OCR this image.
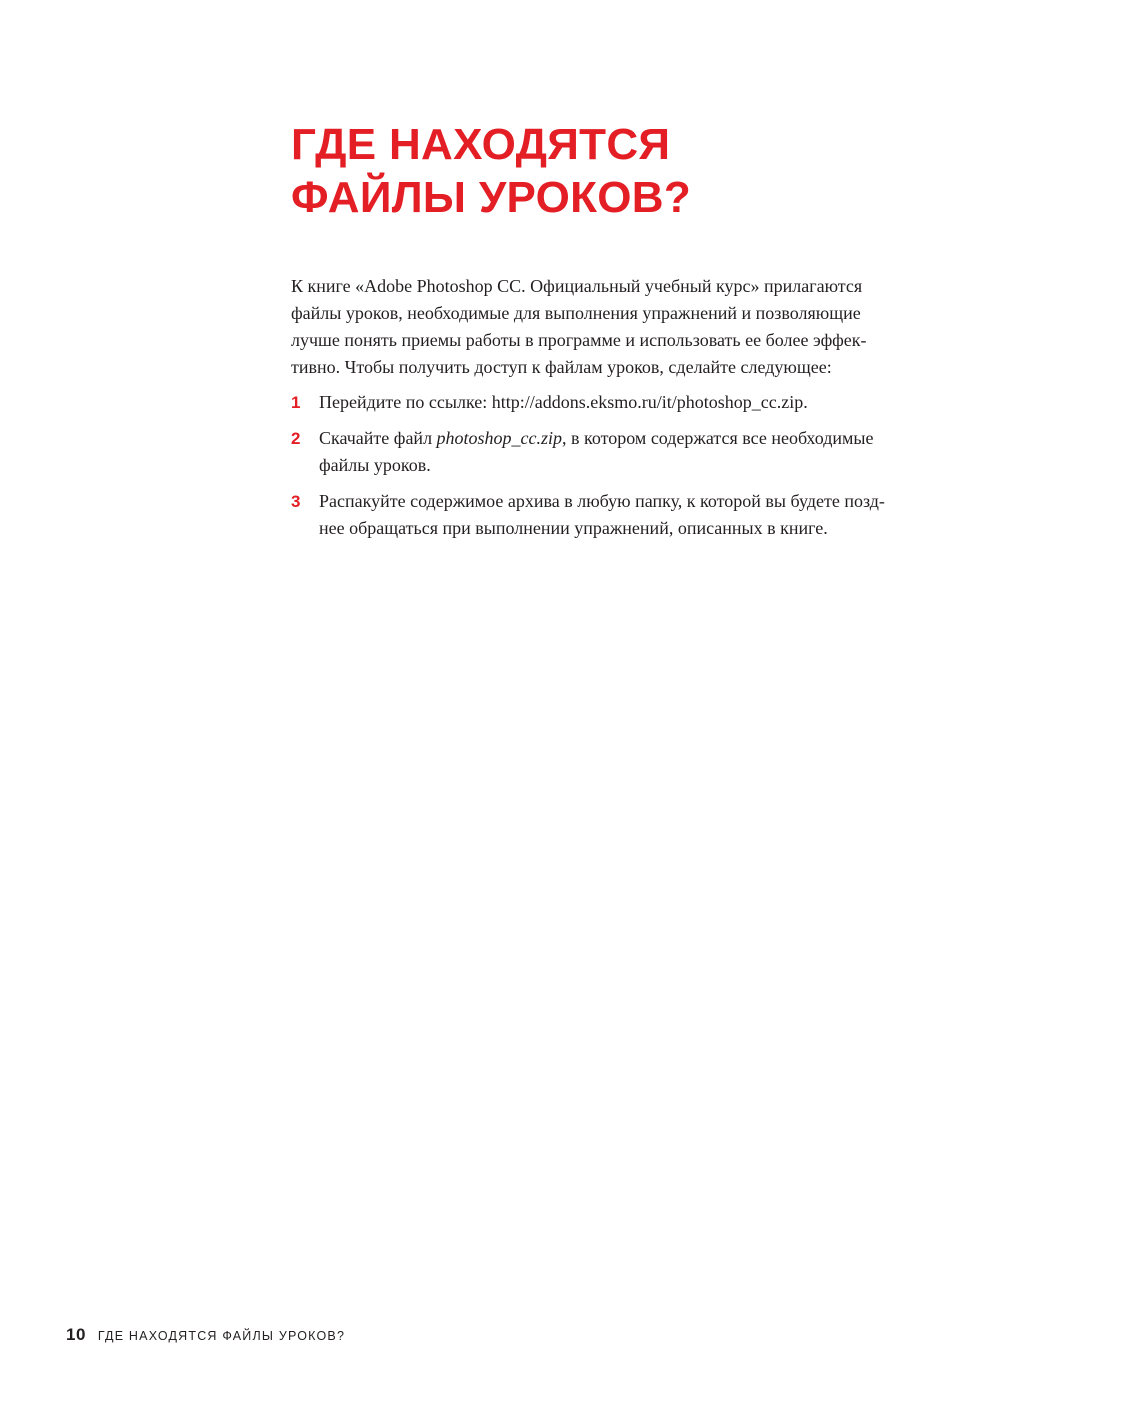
ГДЕ НАХОДЯТСЯ
ФАЙЛЫ УРОКОВ?

К книге «Adobe Photoshop CC. Официальный учебный курс» прилагаются

файлы уроков, необходимые для выполнения упражнений и позволяющие

лучше понять приемы работы в программе и использовать ее более эффек-

тивно. Чтобы получить доступ к файлам уроков, сделайте следующее:

1	Перейдите по ссылке: http://addons.eksmo.ru/it/photoshop_cc.zip.
2	Скачайте файл photoshop_cc.zip, в котором содержатся все необходимые
файлы уроков.
3	Распакуйте содержимое архива в любую папку, к которой вы будете позд-
нее обращаться при выполнении упражнений, описанных в книге.
10 ГДЕ НАХОДЯТСЯ ФАЙЛЫ УРОКОВ?
